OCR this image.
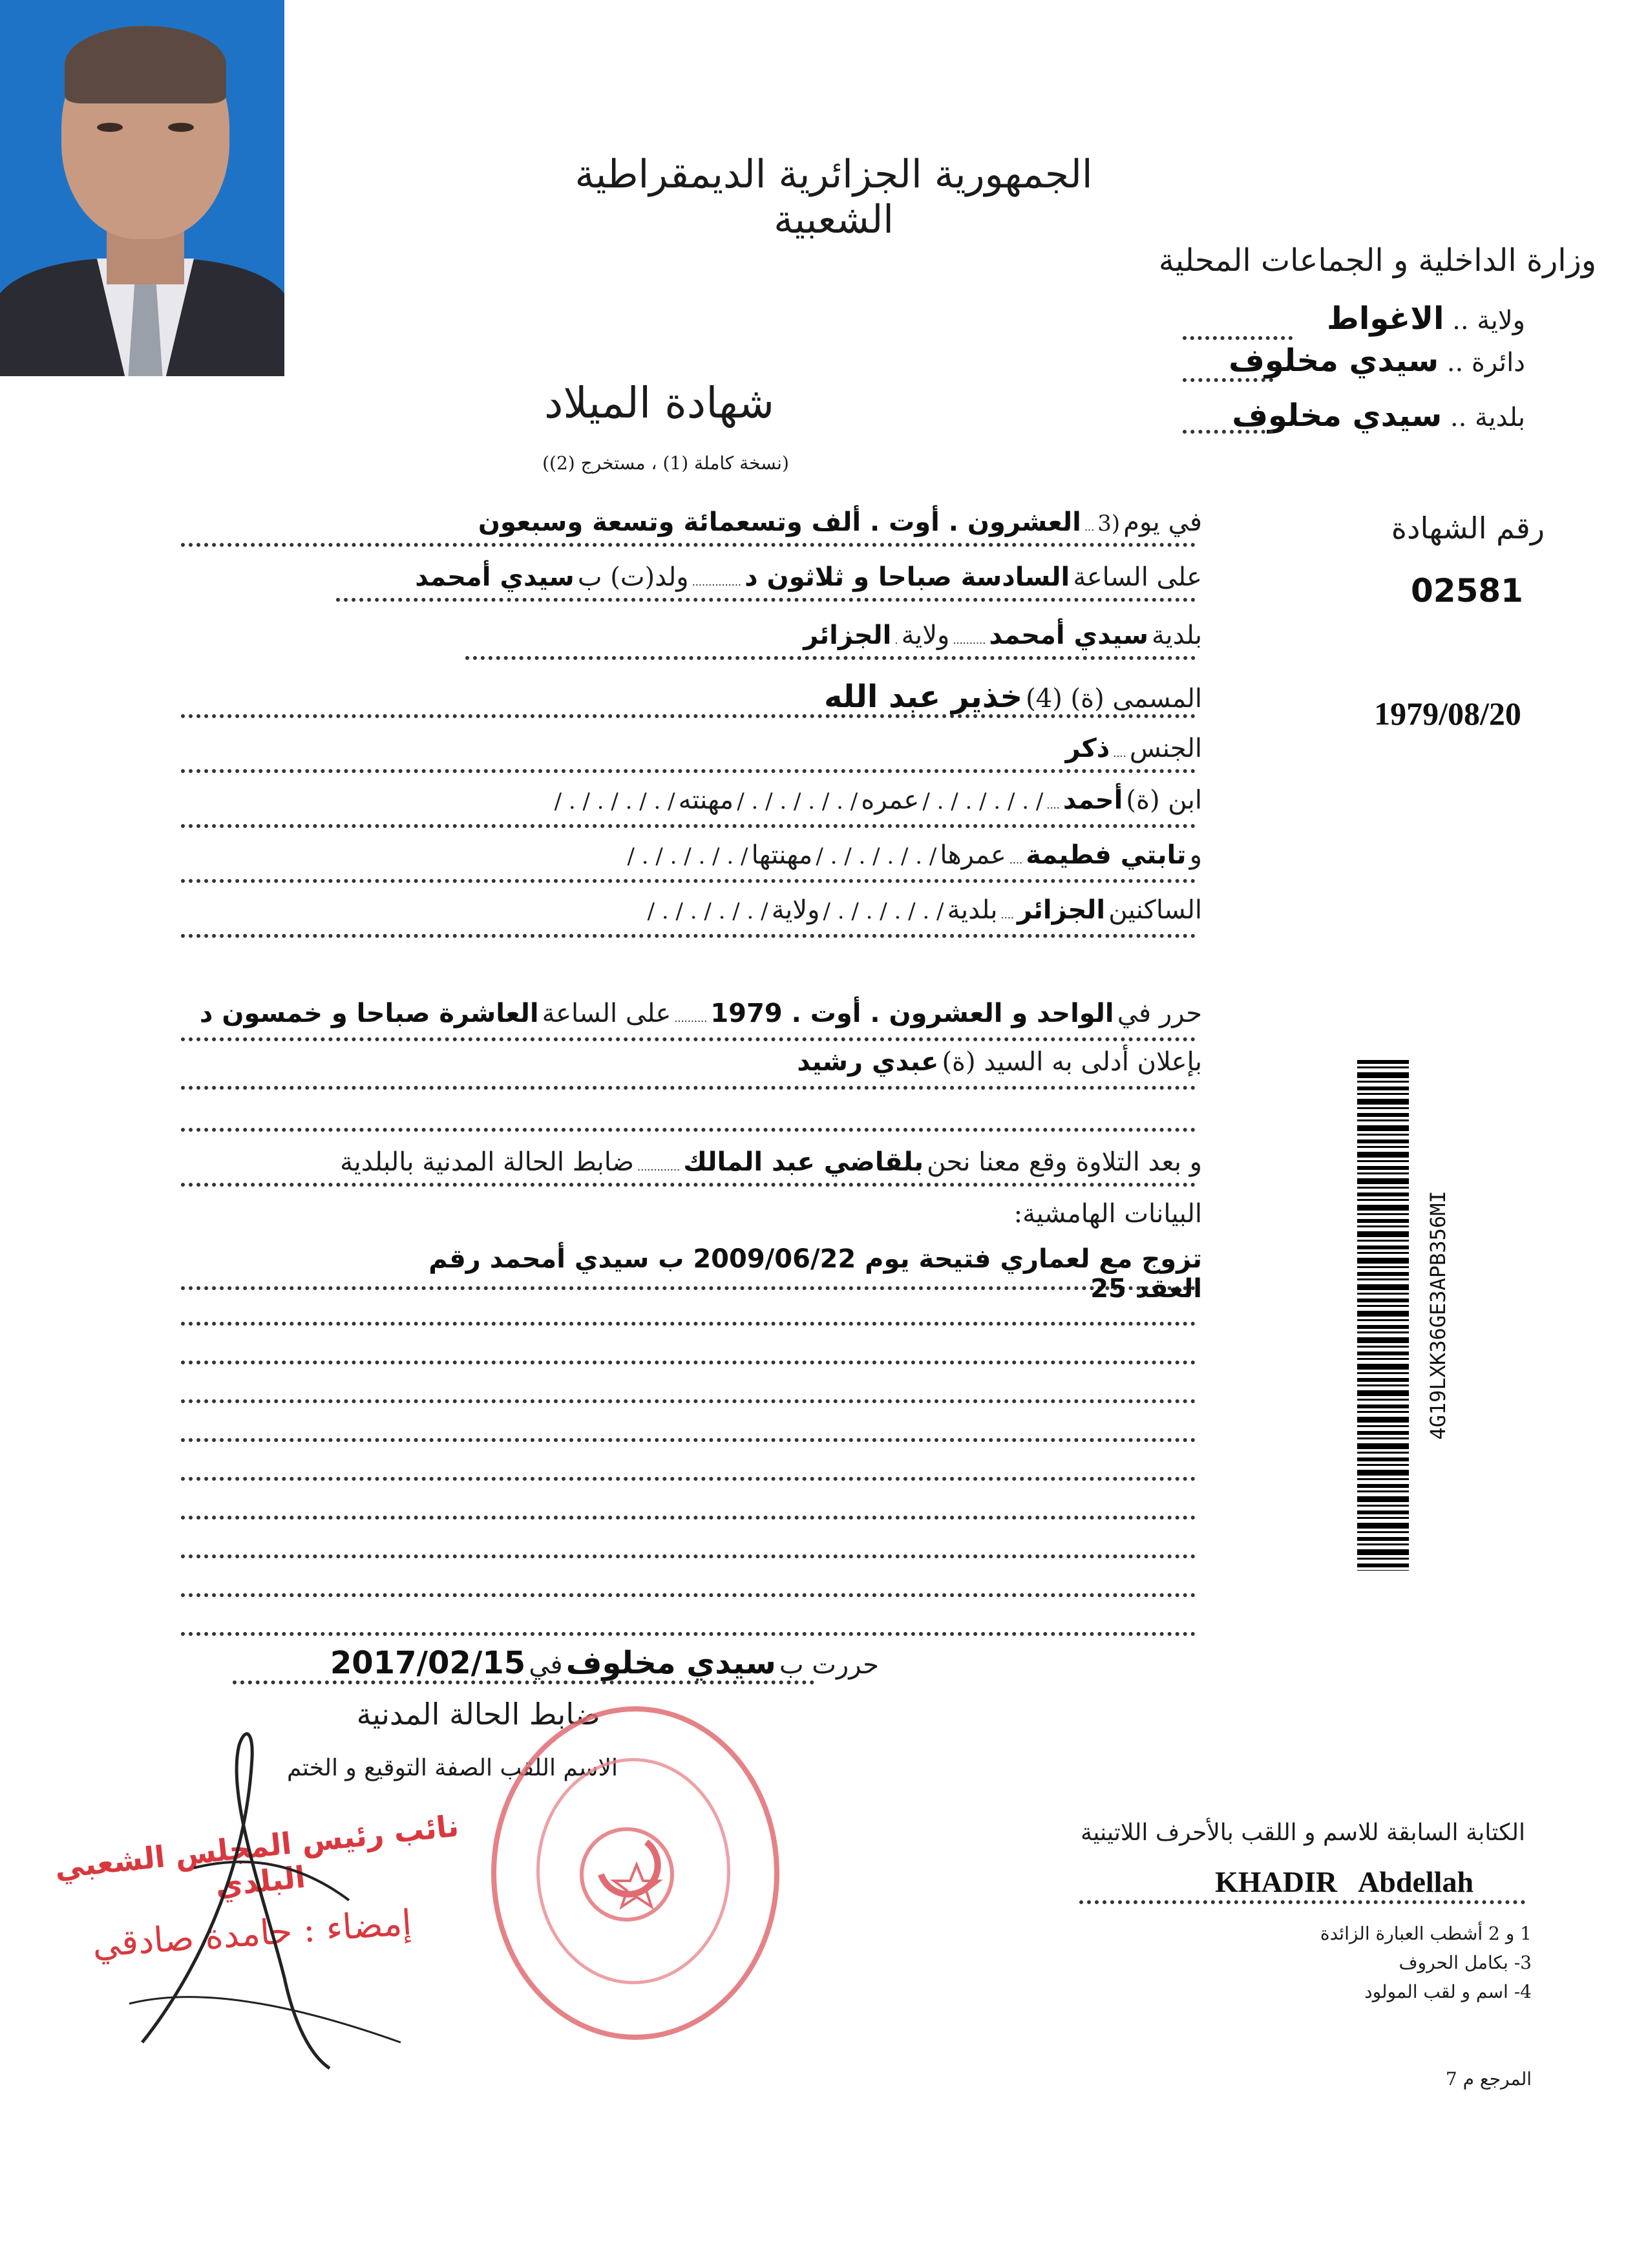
الجمهورية الجزائرية الديمقراطية الشعبية
وزارة الداخلية و الجماعات المحلية
ولاية .. الاغواط
دائرة .. سيدي مخلوف
بلدية .. سيدي مخلوف
شهادة الميلاد
(نسخة كاملة (1) ، مستخرج (2))
رقم الشهادة
02581
1979/08/20
في يوم (3 ... العشرون . أوت . ألف وتسعمائة وتسعة وسبعون
على الساعة السادسة صباحا و ثلاثون د ............... ولد(ت) ب سيدي أمحمد
بلدية سيدي أمحمد .......... ولاية . الجزائر
المسمى (ة) (4) خذير عبد الله
الجنس .... ذكر
ابن (ة) أحمد .... / . / . / . / . / عمره / . / . / . / . / مهنته / . / . / . / . /
و تابتي فطيمة .... عمرها / . / . / . / . / مهنتها / . / . / . / . /
الساكنين الجزائر .... بلدية / . / . / . / . / ولاية / . / . / . / . /
حرر في الواحد و العشرون . أوت . 1979 .......... على الساعة العاشرة صباحا و خمسون د
بإعلان أدلى به السيد (ة) عبدي رشيد
و بعد التلاوة وقع معنا نحن بلقاضي عبد المالك ............. ضابط الحالة المدنية بالبلدية
البيانات الهامشية:
تزوج مع لعماري فتيحة يوم 2009/06/22 ب سيدي أمحمد رقم العقد 25	4G19LXK36GE3APB356MI
حررت ب سيدي مخلوف في 2017/02/15
ضابط الحالة المدنية
الاسم اللقب الصفة التوقيع و الختم
الكتابة السابقة للاسم و اللقب بالأحرف اللاتينية
KHADIR   Abdellah
1 و 2 أشطب العبارة الزائدة
3- بكامل الحروف
4- اسم و لقب المولود
المرجع م 7
نائب رئيس المجلس الشعبي البلدي
إمضاء : حامدة صادقي
